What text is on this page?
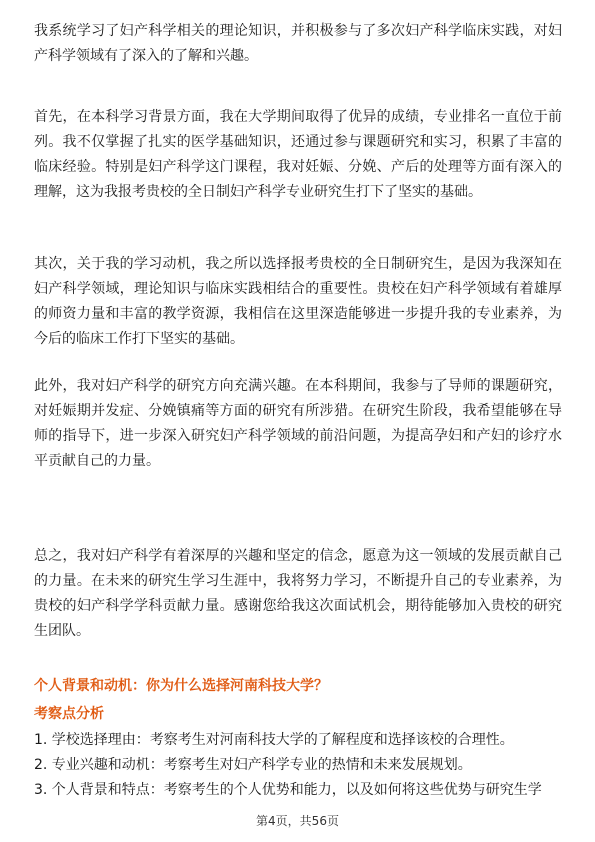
我系统学习了妇产科学相关的理论知识，并积极参与了多次妇产科学临床实践，对妇产科学领域有了深入的了解和兴趣。

首先，在本科学习背景方面，我在大学期间取得了优异的成绩，专业排名一直位于前列。我不仅掌握了扎实的医学基础知识，还通过参与课题研究和实习，积累了丰富的临床经验。特别是妇产科学这门课程，我对妊娠、分娩、产后的处理等方面有深入的理解，这为我报考贵校的全日制妇产科学专业研究生打下了坚实的基础。

其次，关于我的学习动机，我之所以选择报考贵校的全日制研究生，是因为我深知在妇产科学领域，理论知识与临床实践相结合的重要性。贵校在妇产科学领域有着雄厚的师资力量和丰富的教学资源，我相信在这里深造能够进一步提升我的专业素养，为今后的临床工作打下坚实的基础。

此外，我对妇产科学的研究方向充满兴趣。在本科期间，我参与了导师的课题研究，对妊娠期并发症、分娩镇痛等方面的研究有所涉猎。在研究生阶段，我希望能够在导师的指导下，进一步深入研究妇产科学领域的前沿问题，为提高孕妇和产妇的诊疗水平贡献自己的力量。

总之，我对妇产科学有着深厚的兴趣和坚定的信念，愿意为这一领域的发展贡献自己的力量。在未来的研究生学习生涯中，我将努力学习，不断提升自己的专业素养，为贵校的妇产科学学科贡献力量。感谢您给我这次面试机会，期待能够加入贵校的研究生团队。

个人背景和动机：你为什么选择河南科技大学？
考察点分析
1. 学校选择理由：考察考生对河南科技大学的了解程度和选择该校的合理性。
2. 专业兴趣和动机：考察考生对妇产科学专业的热情和未来发展规划。
3. 个人背景和特点：考察考生的个人优势和能力，以及如何将这些优势与研究生学
第4页，共56页
